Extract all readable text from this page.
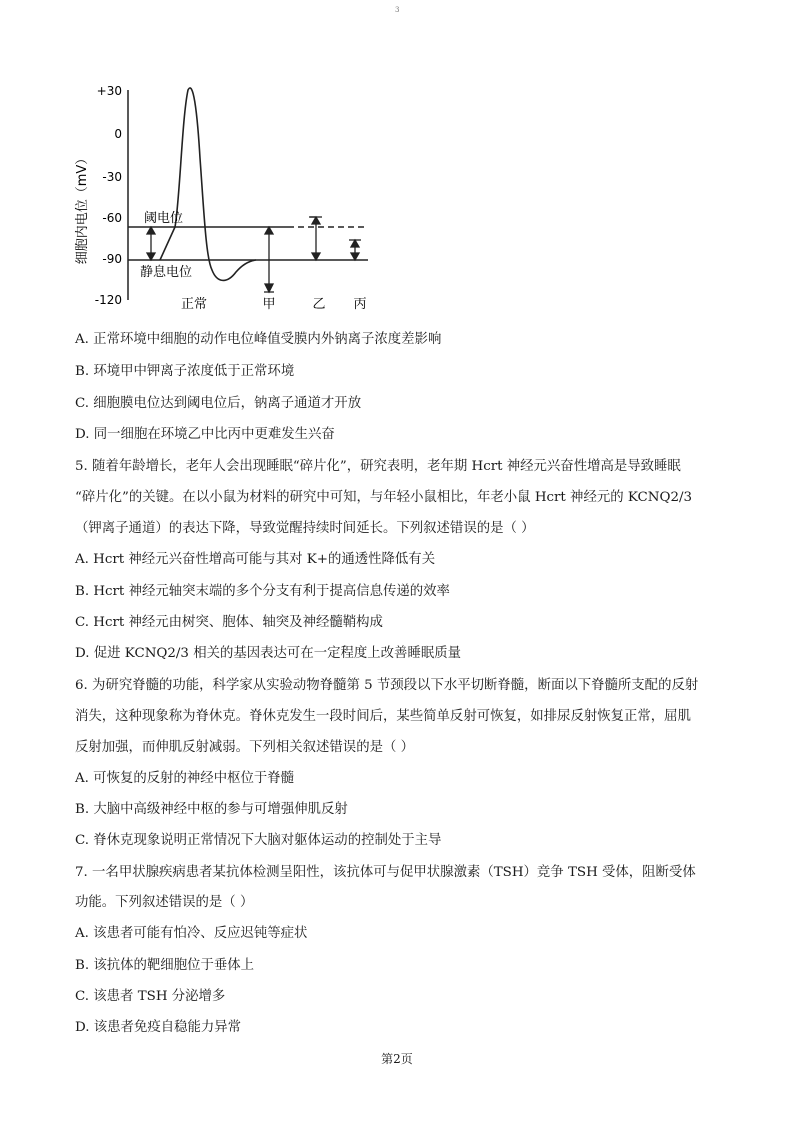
3
细胞内电位（mV）
+30
0
-30
-60
-90
-120
阈电位
静息电位
正常	甲	乙 丙
A. 正常环境中细胞的动作电位峰值受膜内外钠离子浓度差影响
B. 环境甲中钾离子浓度低于正常环境
C. 细胞膜电位达到阈电位后，钠离子通道才开放
D. 同一细胞在环境乙中比丙中更难发生兴奋
5. 随着年龄增长，老年人会出现睡眠“碎片化”，研究表明，老年期 Hcrt 神经元兴奋性增高是导致睡眠
“碎片化”的关键。在以小鼠为材料的研究中可知，与年轻小鼠相比，年老小鼠 Hcrt 神经元的 KCNQ2/3
（钾离子通道）的表达下降，导致觉醒持续时间延长。下列叙述错误的是（ ）
A. Hcrt 神经元兴奋性增高可能与其对 K+的通透性降低有关
B. Hcrt 神经元轴突末端的多个分支有利于提高信息传递的效率
C. Hcrt 神经元由树突、胞体、轴突及神经髓鞘构成
D. 促进 KCNQ2/3 相关的基因表达可在一定程度上改善睡眠质量
6. 为研究脊髓的功能，科学家从实验动物脊髓第 5 节颈段以下水平切断脊髓，断面以下脊髓所支配的反射
消失，这种现象称为脊休克。脊休克发生一段时间后，某些简单反射可恢复，如排尿反射恢复正常，屈肌
反射加强，而伸肌反射减弱。下列相关叙述错误的是（ ）
A. 可恢复的反射的神经中枢位于脊髓
B. 大脑中高级神经中枢的参与可增强伸肌反射
C. 脊休克现象说明正常情况下大脑对躯体运动的控制处于主导
7. 一名甲状腺疾病患者某抗体检测呈阳性，该抗体可与促甲状腺激素（TSH）竞争 TSH 受体，阻断受体
功能。下列叙述错误的是（ ）
A. 该患者可能有怕冷、反应迟钝等症状
B. 该抗体的靶细胞位于垂体上
C. 该患者 TSH 分泌增多
D. 该患者免疫自稳能力异常
第2页
